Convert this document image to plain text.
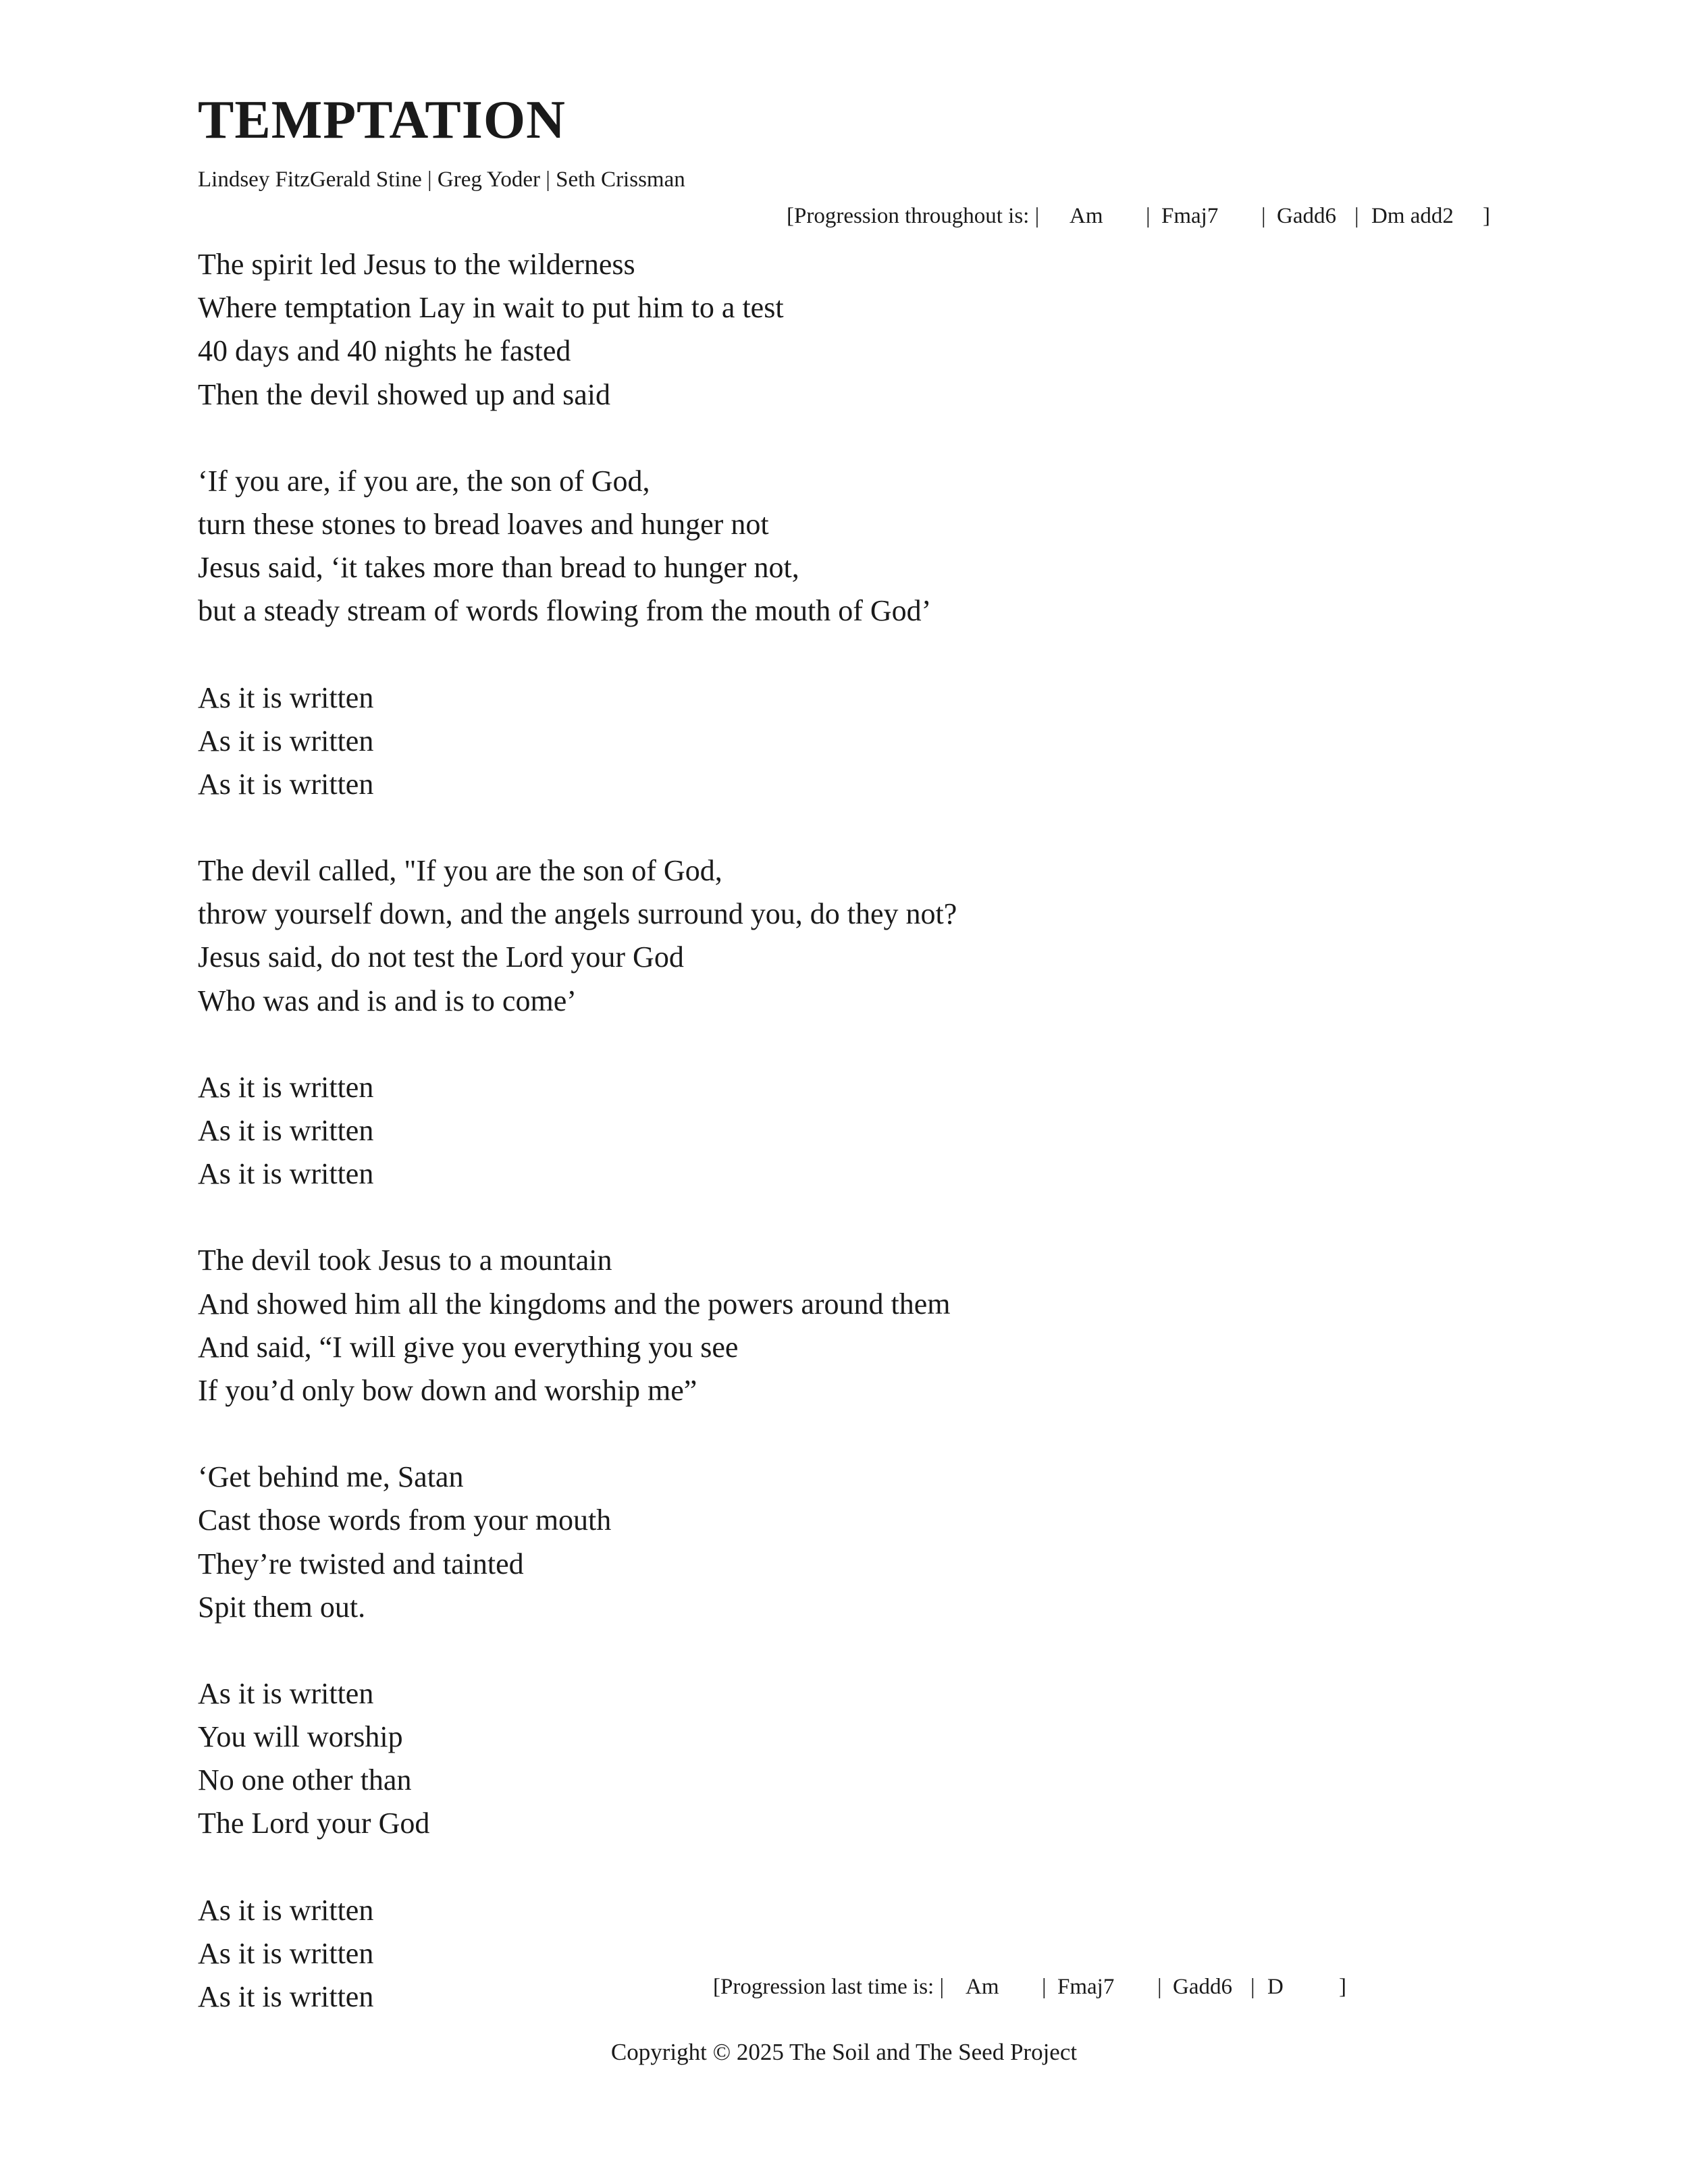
TEMPTATION
Lindsey FitzGerald Stine | Greg Yoder | Seth Crissman
[Progression throughout is: | Am | Fmaj7 | Gadd6 | Dm add2 ]
The spirit led Jesus to the wilderness
Where temptation Lay in wait to put him to a test
40 days and 40 nights he fasted
Then the devil showed up and said
‘If you are, if you are, the son of God,
turn these stones to bread loaves and hunger not
Jesus said, ‘it takes more than bread to hunger not,
but a steady stream of words flowing from the mouth of God’
As it is written
As it is written
As it is written
The devil called, "If you are the son of God,
throw yourself down, and the angels surround you, do they not?
Jesus said, do not test the Lord your God
Who was and is and is to come’
As it is written
As it is written
As it is written
The devil took Jesus to a mountain
And showed him all the kingdoms and the powers around them
And said, “I will give you everything you see
If you’d only bow down and worship me”
‘Get behind me, Satan
Cast those words from your mouth
They’re twisted and tainted
Spit them out.
As it is written
You will worship
No one other than
The Lord your God
As it is written
As it is written
As it is written	[Progression last time is: | Am | Fmaj7 | Gadd6 | D ]
Copyright © 2025 The Soil and The Seed Project
